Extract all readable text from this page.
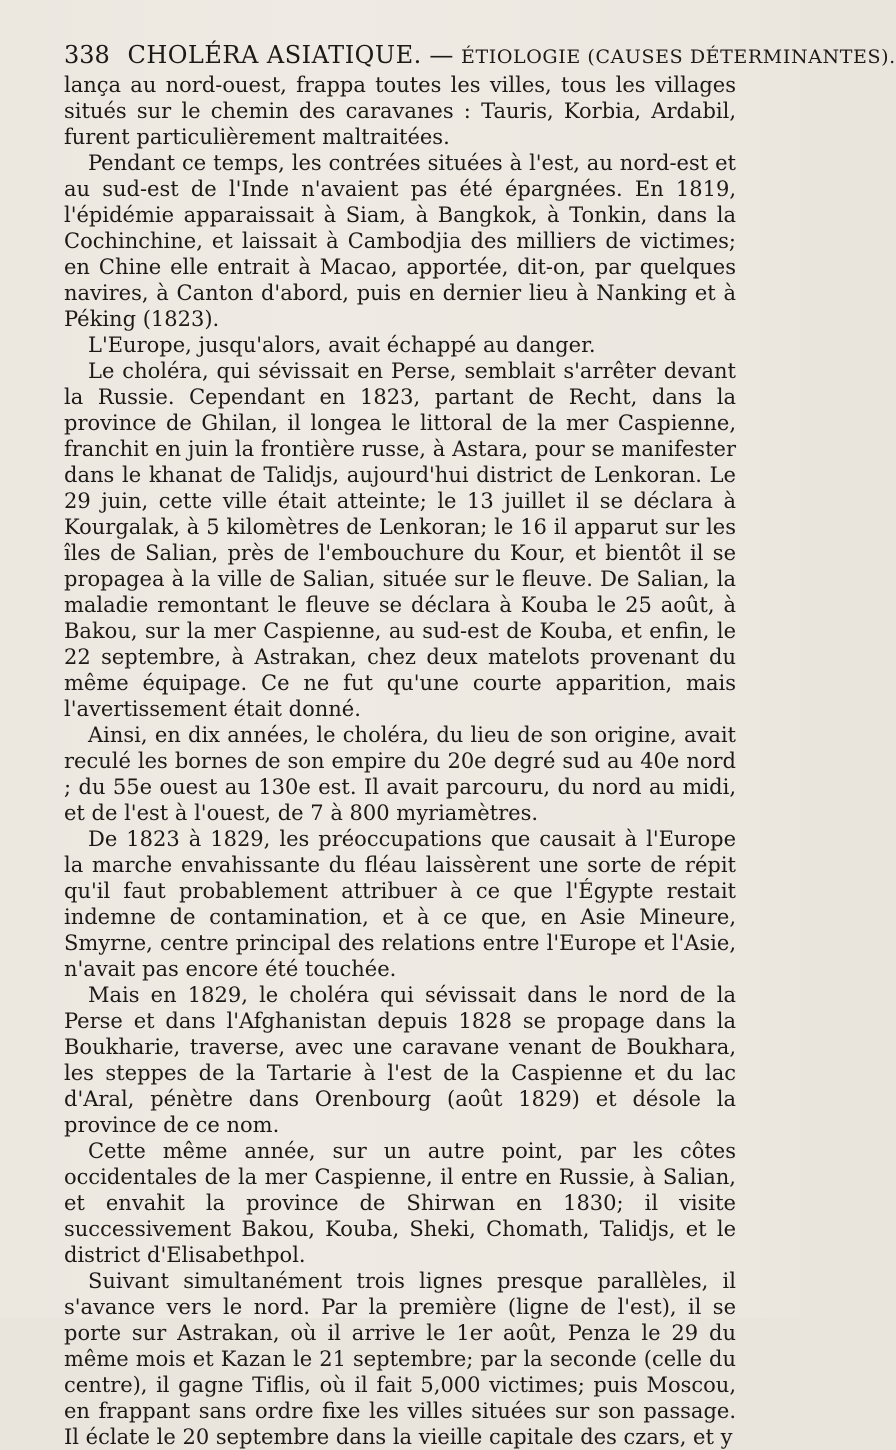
338 CHOLÉRA ASIATIQUE. — ÉTIOLOGIE (CAUSES DÉTERMINANTES).

lança au nord-ouest, frappa toutes les villes, tous les villages situés sur le chemin des caravanes : Tauris, Korbia, Ardabil, furent particulièrement maltraitées.

Pendant ce temps, les contrées situées à l'est, au nord-est et au sud-est de l'Inde n'avaient pas été épargnées. En 1819, l'épidémie apparaissait à Siam, à Bangkok, à Tonkin, dans la Cochinchine, et laissait à Cambodjia des milliers de victimes; en Chine elle entrait à Macao, apportée, dit-on, par quelques navires, à Canton d'abord, puis en dernier lieu à Nanking et à Péking (1823).

L'Europe, jusqu'alors, avait échappé au danger.

Le choléra, qui sévissait en Perse, semblait s'arrêter devant la Russie. Cependant en 1823, partant de Recht, dans la province de Ghilan, il longea le littoral de la mer Caspienne, franchit en juin la frontière russe, à Astara, pour se manifester dans le khanat de Talidjs, aujourd'hui district de Lenkoran. Le 29 juin, cette ville était atteinte; le 13 juillet il se déclara à Kourgalak, à 5 kilomètres de Lenkoran; le 16 il apparut sur les îles de Salian, près de l'embouchure du Kour, et bientôt il se propagea à la ville de Salian, située sur le fleuve. De Salian, la maladie remontant le fleuve se déclara à Kouba le 25 août, à Bakou, sur la mer Caspienne, au sud-est de Kouba, et enfin, le 22 septembre, à Astrakan, chez deux matelots provenant du même équipage. Ce ne fut qu'une courte apparition, mais l'avertissement était donné.

Ainsi, en dix années, le choléra, du lieu de son origine, avait reculé les bornes de son empire du 20e degré sud au 40e nord ; du 55e ouest au 130e est. Il avait parcouru, du nord au midi, et de l'est à l'ouest, de 7 à 800 myriamètres.

De 1823 à 1829, les préoccupations que causait à l'Europe la marche envahissante du fléau laissèrent une sorte de répit qu'il faut probablement attribuer à ce que l'Égypte restait indemne de contamination, et à ce que, en Asie Mineure, Smyrne, centre principal des relations entre l'Europe et l'Asie, n'avait pas encore été touchée.

Mais en 1829, le choléra qui sévissait dans le nord de la Perse et dans l'Afghanistan depuis 1828 se propage dans la Boukharie, traverse, avec une caravane venant de Boukhara, les steppes de la Tartarie à l'est de la Caspienne et du lac d'Aral, pénètre dans Orenbourg (août 1829) et désole la province de ce nom.

Cette même année, sur un autre point, par les côtes occidentales de la mer Caspienne, il entre en Russie, à Salian, et envahit la province de Shirwan en 1830; il visite successivement Bakou, Kouba, Sheki, Chomath, Talidjs, et le district d'Elisabethpol.

Suivant simultanément trois lignes presque parallèles, il s'avance vers le nord. Par la première (ligne de l'est), il se porte sur Astrakan, où il arrive le 1er août, Penza le 29 du même mois et Kazan le 21 septembre; par la seconde (celle du centre), il gagne Tiflis, où il fait 5,000 victimes; puis Moscou, en frappant sans ordre fixe les villes situées sur son passage. Il éclate le 20 septembre dans la vieille capitale des czars, et y
